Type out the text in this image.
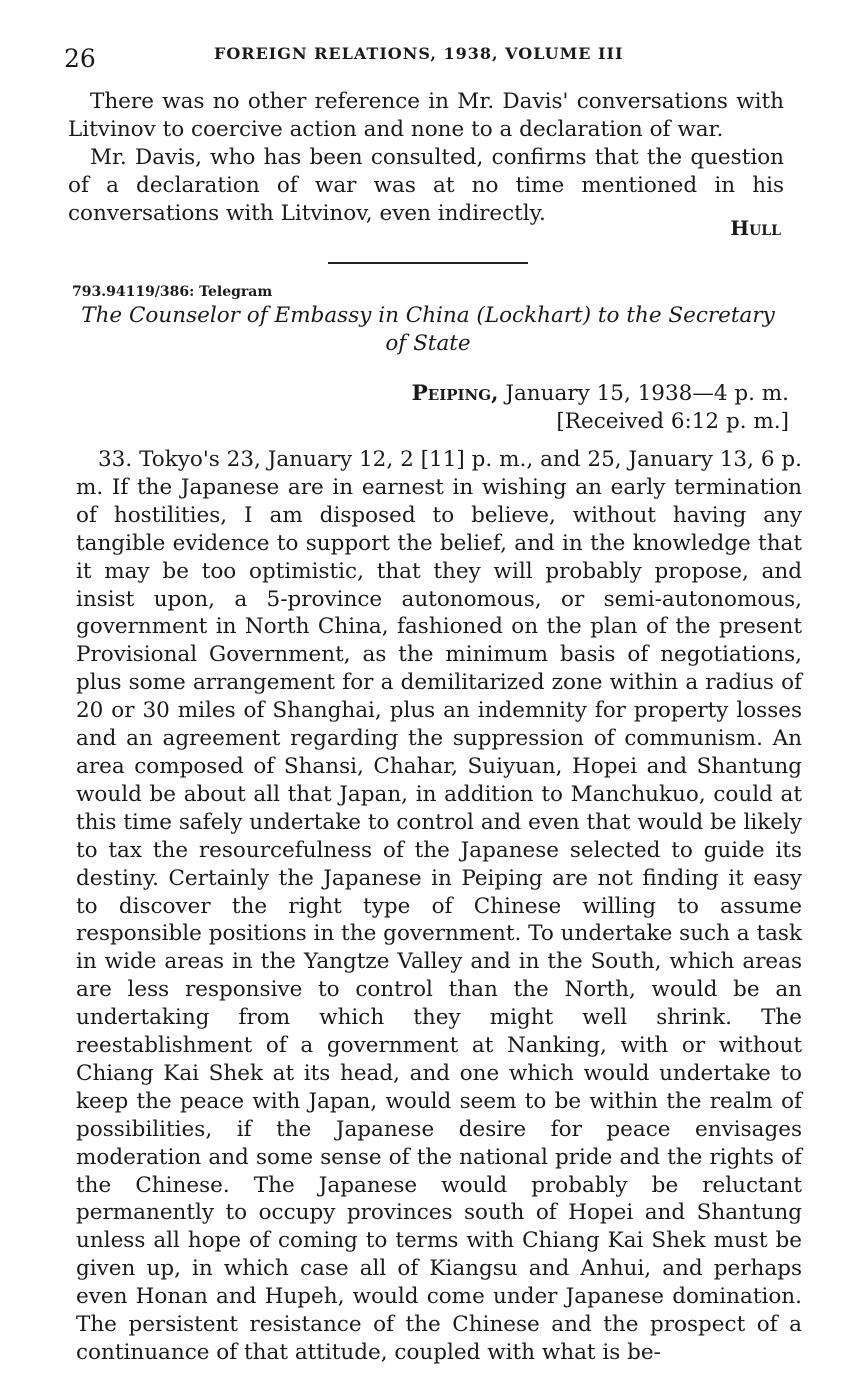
26	FOREIGN RELATIONS, 1938, VOLUME III

There was no other reference in Mr. Davis' conversations with Litvinov to coercive action and none to a declaration of war.

Mr. Davis, who has been consulted, confirms that the question of a declaration of war was at no time mentioned in his conversations with Litvinov, even indirectly.

Hull
793.94119/386: Telegram
The Counselor of Embassy in China (Lockhart) to the Secretary of State
Peiping, January 15, 1938—4 p. m.
[Received 6:12 p. m.]

33. Tokyo's 23, January 12, 2 [11] p. m., and 25, January 13, 6 p. m. If the Japanese are in earnest in wishing an early termination of hostilities, I am disposed to believe, without having any tangible evidence to support the belief, and in the knowledge that it may be too optimistic, that they will probably propose, and insist upon, a 5-province autonomous, or semi-autonomous, government in North China, fashioned on the plan of the present Provisional Government, as the minimum basis of negotiations, plus some arrangement for a demilitarized zone within a radius of 20 or 30 miles of Shanghai, plus an indemnity for property losses and an agreement regarding the suppression of communism. An area composed of Shansi, Chahar, Suiyuan, Hopei and Shantung would be about all that Japan, in addition to Manchukuo, could at this time safely undertake to control and even that would be likely to tax the resourcefulness of the Japanese selected to guide its destiny. Certainly the Japanese in Peiping are not finding it easy to discover the right type of Chinese willing to assume responsible positions in the government. To undertake such a task in wide areas in the Yangtze Valley and in the South, which areas are less responsive to control than the North, would be an undertaking from which they might well shrink. The reestablishment of a government at Nanking, with or without Chiang Kai Shek at its head, and one which would undertake to keep the peace with Japan, would seem to be within the realm of possibilities, if the Japanese desire for peace envisages moderation and some sense of the national pride and the rights of the Chinese. The Japanese would probably be reluctant permanently to occupy provinces south of Hopei and Shantung unless all hope of coming to terms with Chiang Kai Shek must be given up, in which case all of Kiangsu and Anhui, and perhaps even Honan and Hupeh, would come under Japanese domination. The persistent resistance of the Chinese and the prospect of a continuance of that attitude, coupled with what is be-
